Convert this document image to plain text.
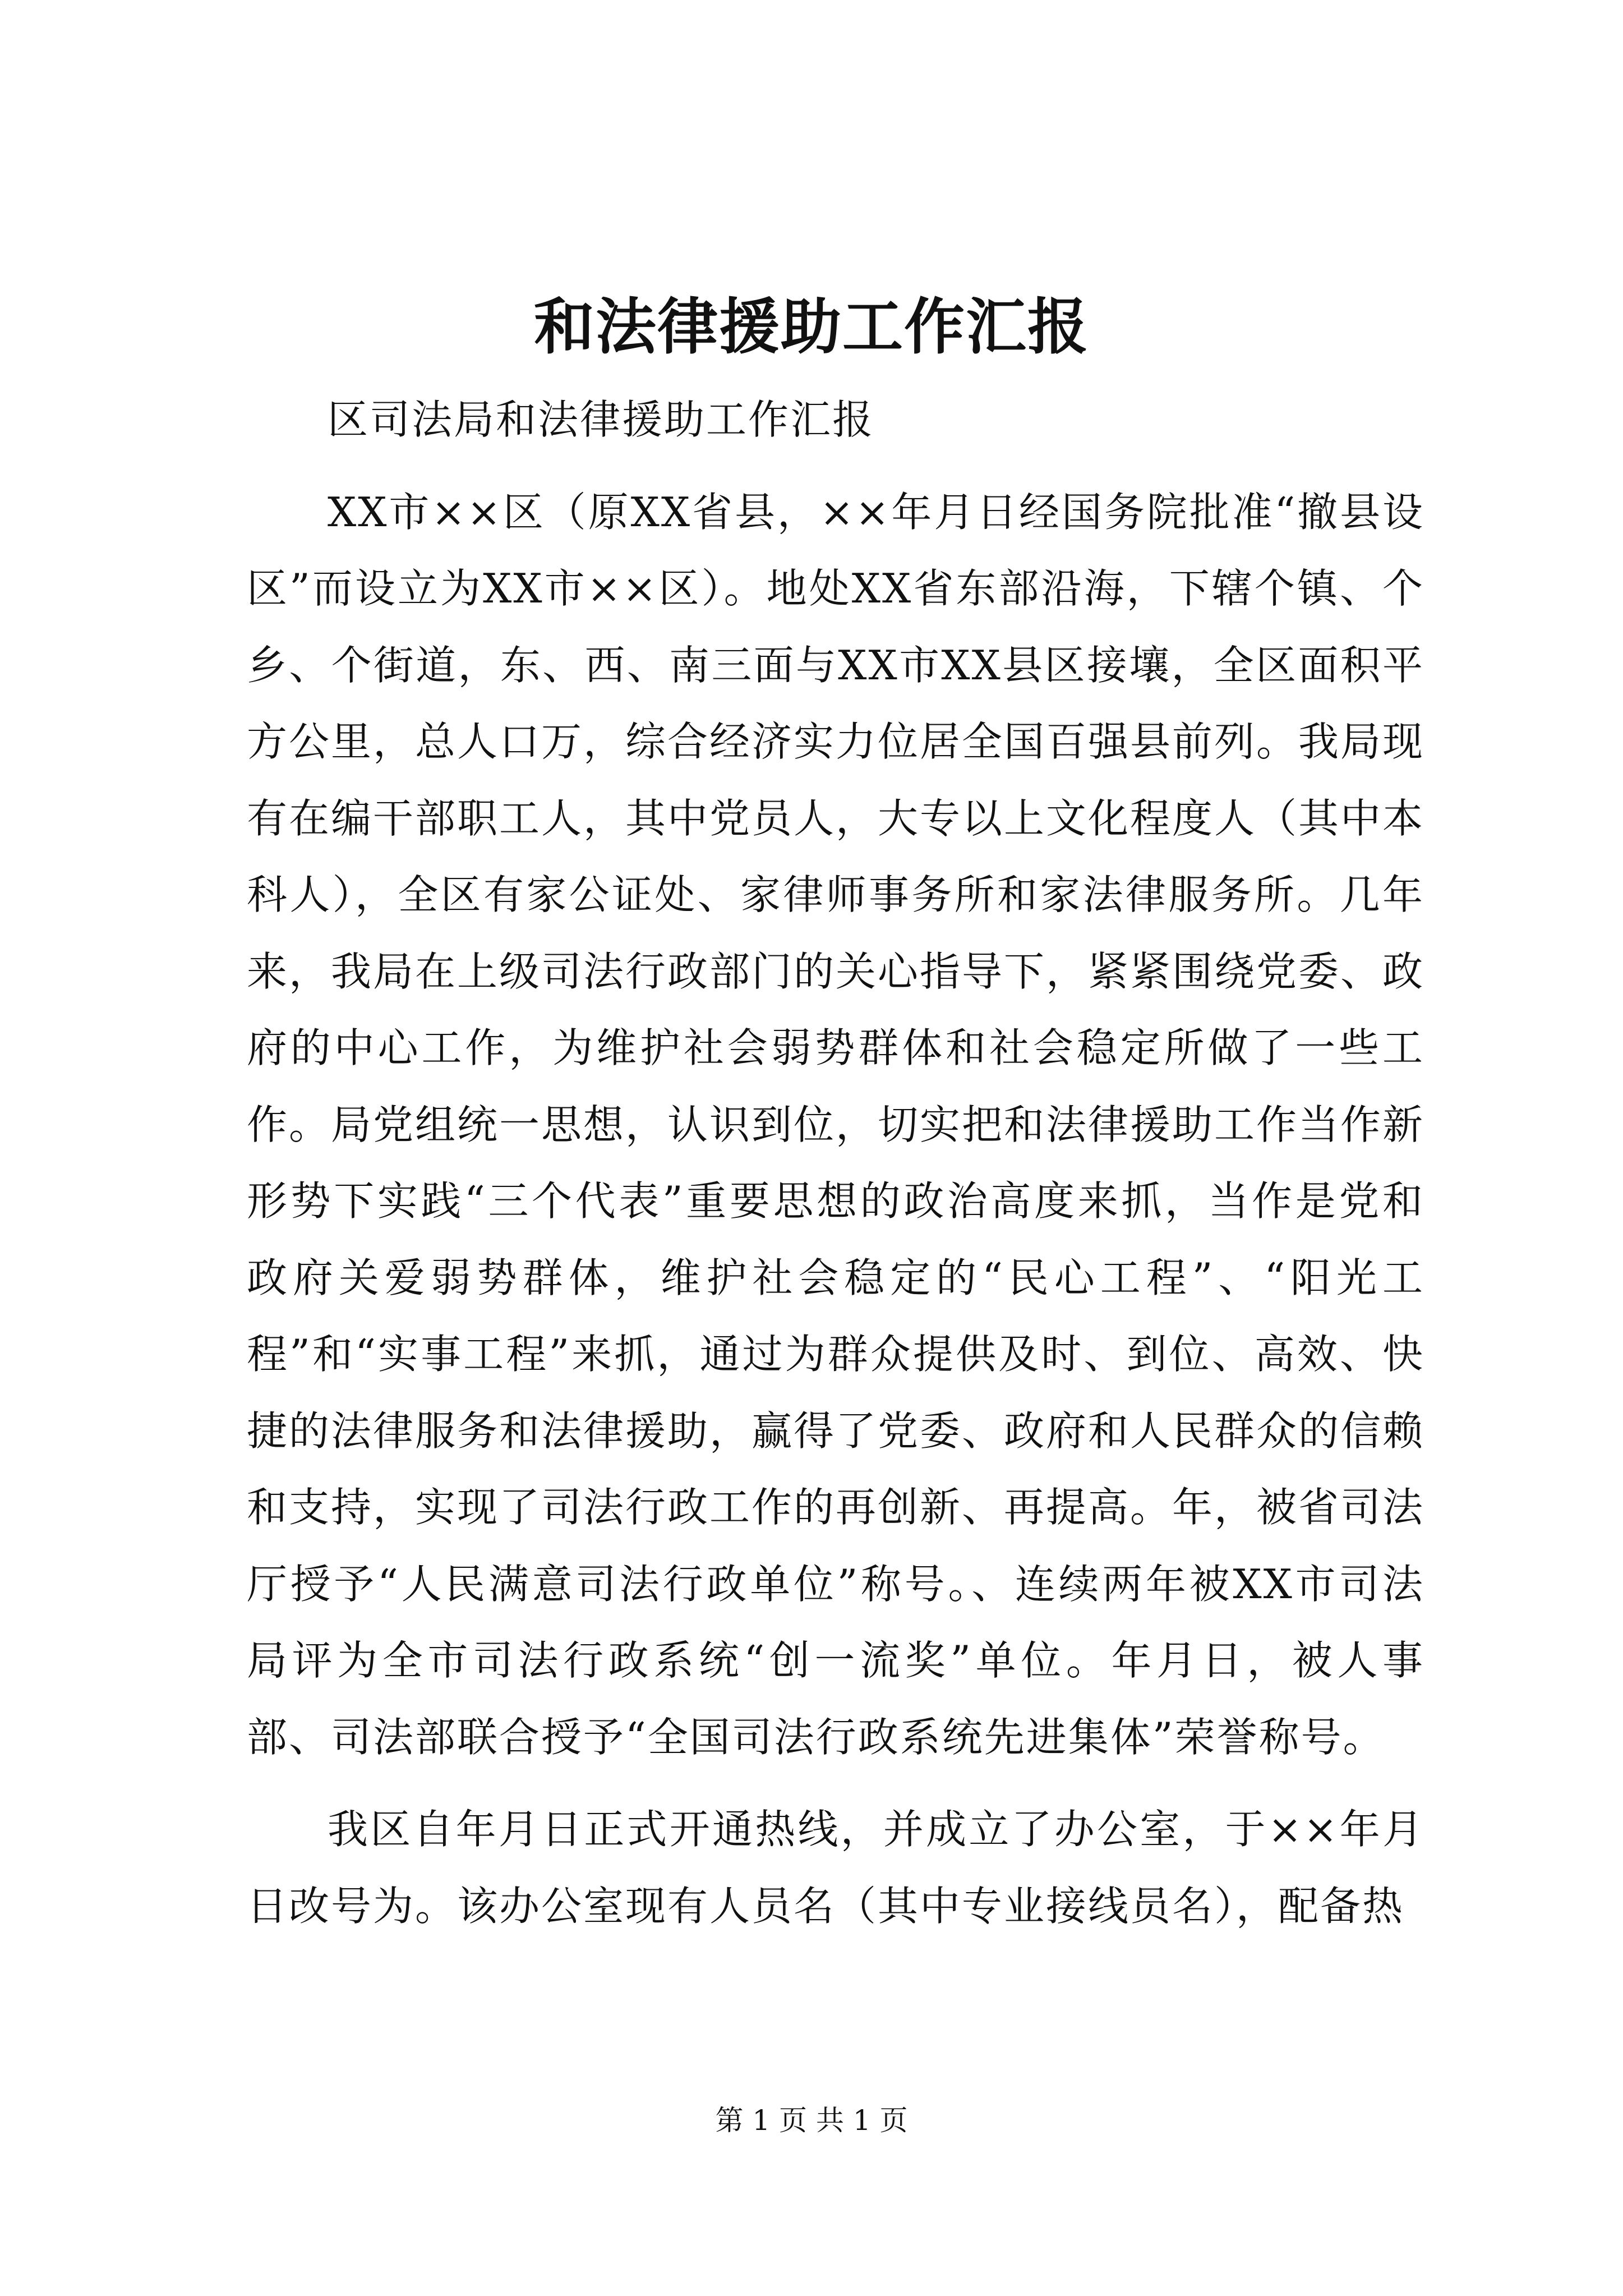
和法律援助工作汇报

区司法局和法律援助工作汇报

XX市××区（原XX省县，××年月日经国务院批准“撤县设区”而设立为XX市××区）。地处XX省东部沿海，下辖个镇、个乡、个街道，东、西、南三面与XX市XX县区接壤，全区面积平方公里，总人口万，综合经济实力位居全国百强县前列。我局现有在编干部职工人，其中党员人，大专以上文化程度人（其中本科人），全区有家公证处、家律师事务所和家法律服务所。几年来，我局在上级司法行政部门的关心指导下，紧紧围绕党委、政府的中心工作，为维护社会弱势群体和社会稳定所做了一些工作。局党组统一思想，认识到位，切实把和法律援助工作当作新形势下实践“三个代表”重要思想的政治高度来抓，当作是党和政府关爱弱势群体，维护社会稳定的“民心工程”、“阳光工程”和“实事工程”来抓，通过为群众提供及时、到位、高效、快捷的法律服务和法律援助，赢得了党委、政府和人民群众的信赖和支持，实现了司法行政工作的再创新、再提高。年，被省司法厅授予“人民满意司法行政单位”称号。、连续两年被XX市司法局评为全市司法行政系统“创一流奖”单位。年月日，被人事部、司法部联合授予“全国司法行政系统先进集体”荣誉称号。

我区自年月日正式开通热线，并成立了办公室，于××年月日改号为。该办公室现有人员名（其中专业接线员名），配备热

第 1 页 共 1 页
